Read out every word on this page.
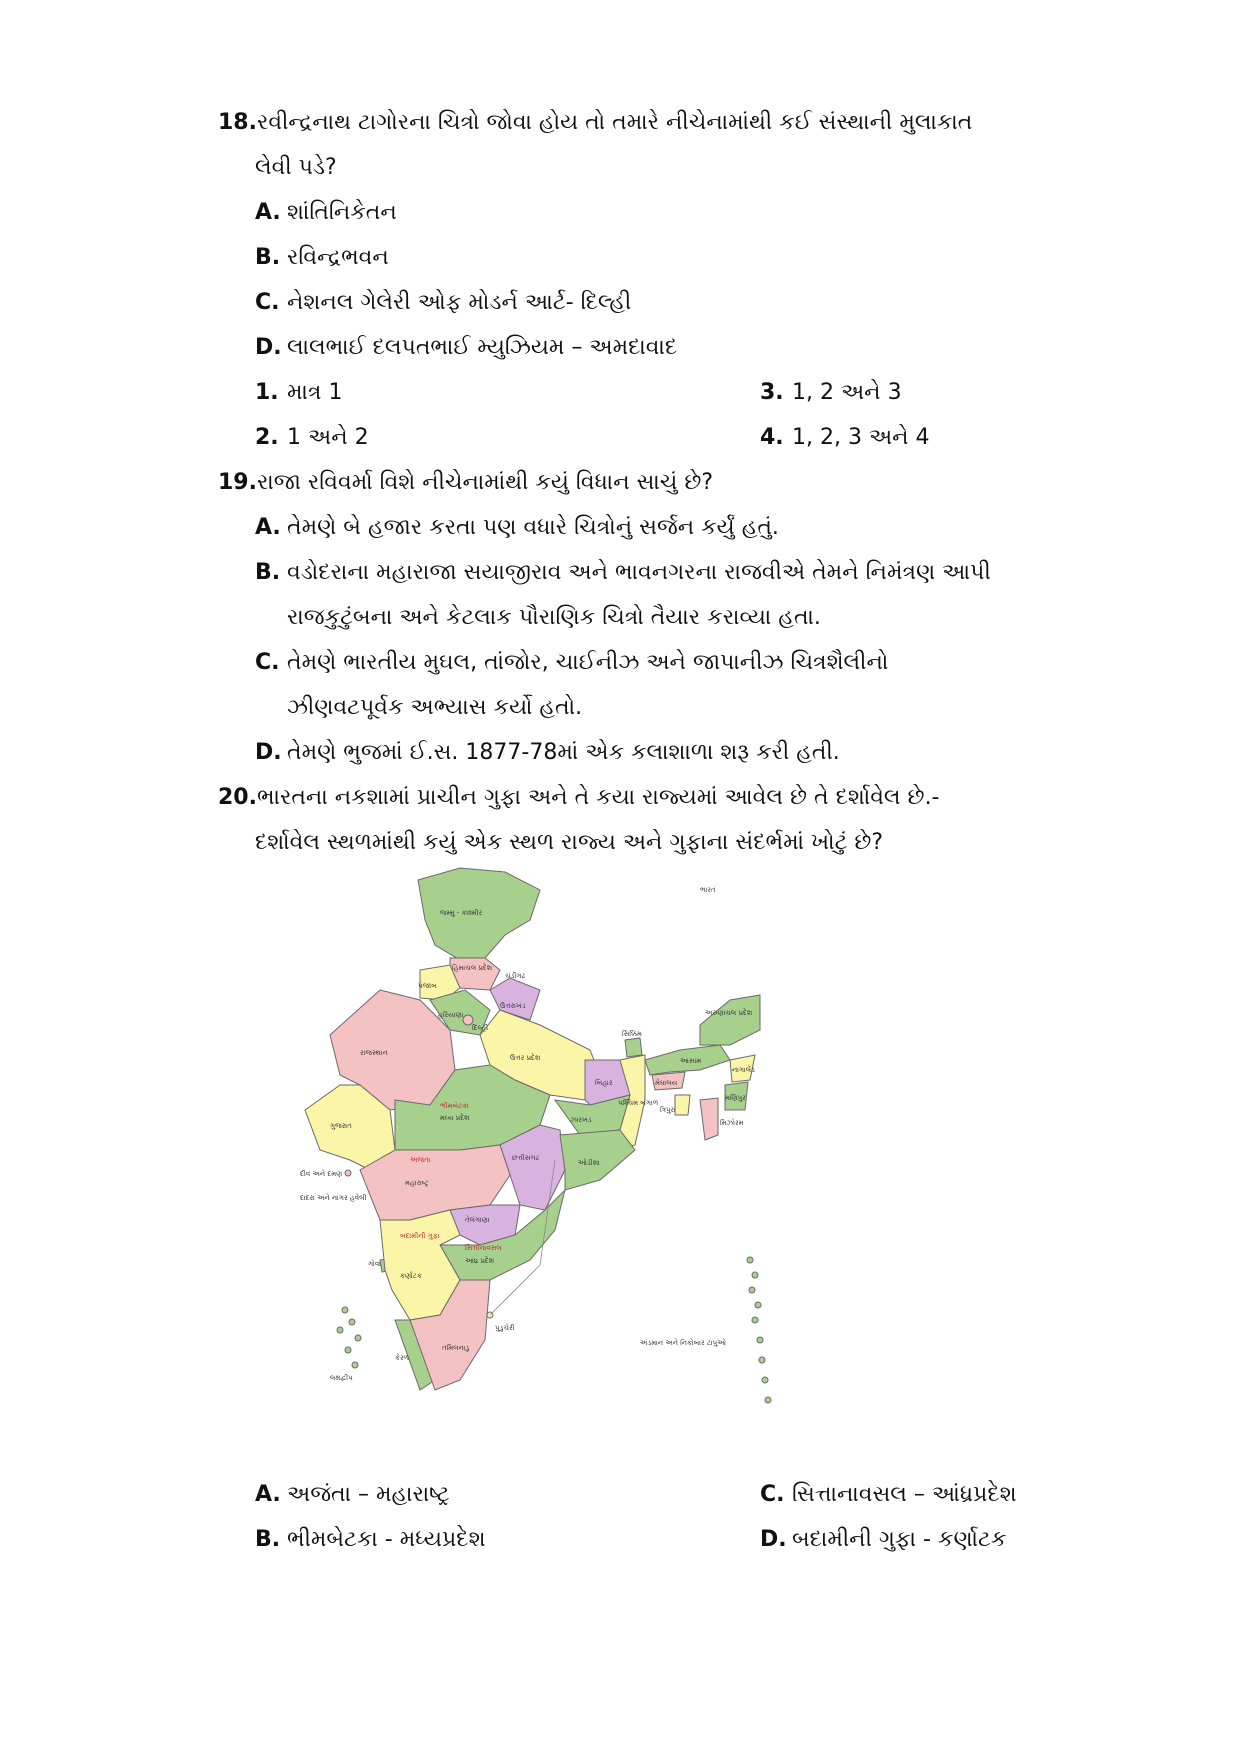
18.રવીન્દ્રનાથ ટાગોરના ચિત્રો જોવા હોય તો તમારે નીચેનામાંથી કઈ સંસ્થાની મુલાકાત
લેવી પડે?
A. શાંતિનિકેતન
B. રવિન્દ્રભવન
C. નેશનલ ગેલેરી ઓફ મોડર્ન આર્ટ- દિલ્હી
D. લાલભાઈ દલપતભાઈ મ્યુઝિયમ – અમદાવાદ
1. માત્ર 1	3. 1, 2 અને 3
2. 1 અને 2	4. 1, 2, 3 અને 4
19.રાજા રવિવર્મા વિશે નીચેનામાંથી કયું વિધાન સાચું છે?
A. તેમણે બે હજાર કરતા પણ વધારે ચિત્રોનું સર્જન કર્યું હતું.
B. વડોદરાના મહારાજા સયાજીરાવ અને ભાવનગરના રાજવીએ તેમને નિમંત્રણ આપી
રાજકુટુંબના અને કેટલાક પૌરાણિક ચિત્રો તૈયાર કરાવ્યા હતા.
C. તેમણે ભારતીય મુઘલ, તાંજોર, ચાઈનીઝ અને જાપાનીઝ ચિત્રશૈલીનો
ઝીણવટપૂર્વક અભ્યાસ કર્યો હતો.
D. તેમણે ભુજમાં ઈ.સ. 1877-78માં એક કલાશાળા શરૂ કરી હતી.
20.ભારતના નકશામાં પ્રાચીન ગુફા અને તે કયા રાજ્યમાં આવેલ છે તે દર્શાવેલ છે.-
દર્શાવેલ સ્થળમાંથી કયું એક સ્થળ રાજ્ય અને ગુફાના સંદર્ભમાં ખોટું છે?
ભારત
જમ્મુ - કાશ્મીર
હિમાચલ પ્રદેશ
પંજાબ
ચંડીગઢ
ઉત્તરાખંડ
હરિયાણા
દિલ્હી
રાજસ્થાન
ઉત્તર પ્રદેશ
ગુજરાત
ભીમબેટકા
મધ્ય પ્રદેશ
બિહાર
ઝારખંડ
પશ્ચિમ બંગાળ
સિક્કિમ
આસામ
અરુણાચલ પ્રદેશ
મેઘાલય
નાગાલેંડ
મણિપુર
ત્રિપુરા
મિઝોરમ
છત્તીસગઢ
ઓડીશા
અજંતા
મહારાષ્ટ્ર
દીવ અને દમણ
દાદરા અને નાગર હવેલી
તેલંગાણા
બદામીની ગુફા
સિત્તાનાવસલ
આંધ્ર પ્રદેશ
ગોવા
કર્ણાટક
તમિલનાડુ
પુડુચેરી
કેરળ
લક્ષદ્વીપ
અંડમાન અને નિકોબાર ટાપુઓ
A. અજંતા – મહારાષ્ટ્ર	C. સિત્તાનાવસલ – આંધ્રપ્રદેશ
B. ભીમબેટકા - મધ્યપ્રદેશ	D. બદામીની ગુફા - કર્ણાટક
